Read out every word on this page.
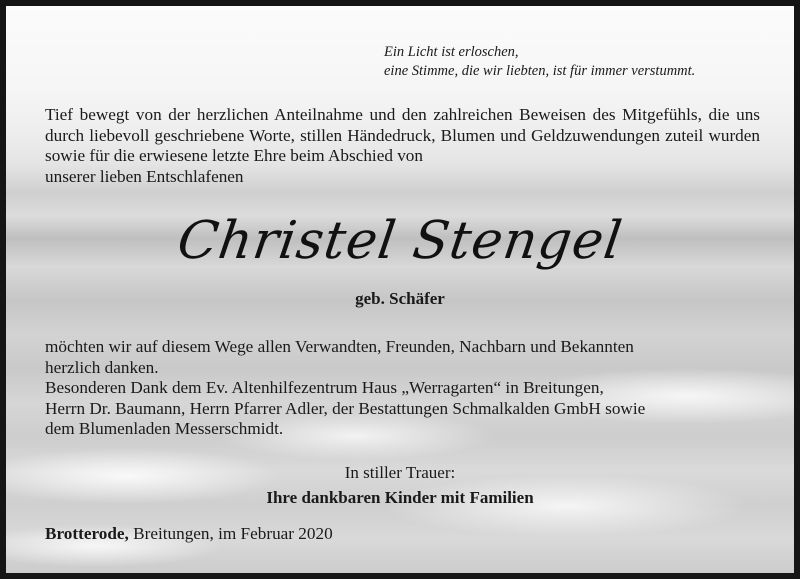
Ein Licht ist erloschen,
eine Stimme, die wir liebten, ist für immer verstummt.
Tief bewegt von der herzlichen Anteilnahme und den zahlreichen Beweisen des Mitgefühls, die uns durch liebevoll geschriebene Worte, stillen Händedruck, Blumen und Geldzuwendungen zuteil wurden sowie für die erwiesene letzte Ehre beim Abschied von
unserer lieben Entschlafenen
Christel Stengel
geb. Schäfer
möchten wir auf diesem Wege allen Verwandten, Freunden, Nachbarn und Bekannten
herzlich danken.
Besonderen Dank dem Ev. Altenhilfezentrum Haus „Werragarten“ in Breitungen,
Herrn Dr. Baumann, Herrn Pfarrer Adler, der Bestattungen Schmalkalden GmbH sowie
dem Blumenladen Messerschmidt.
In stiller Trauer:
Ihre dankbaren Kinder mit Familien
Brotterode, Breitungen, im Februar 2020
